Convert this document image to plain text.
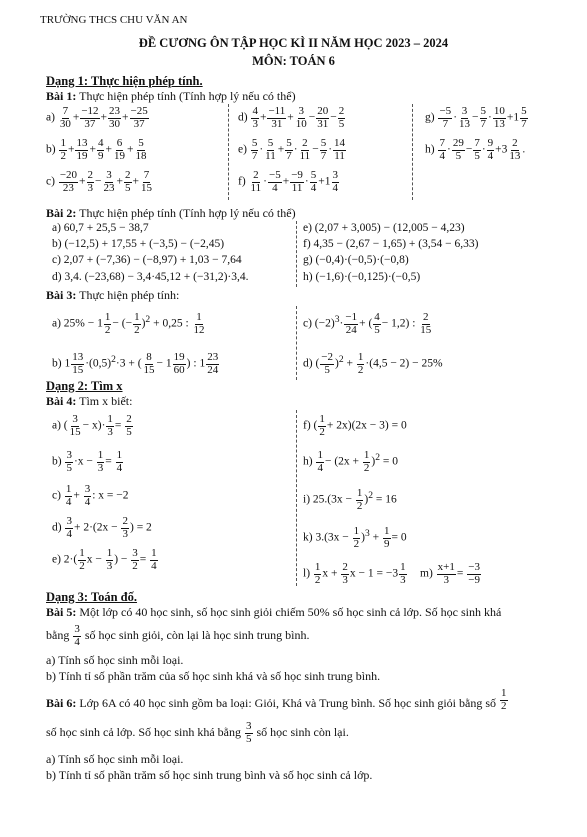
TRƯỜNG THCS CHU VĂN AN
ĐỀ CƯƠNG ÔN TẬP HỌC KÌ II NĂM HỌC 2023 – 2024
MÔN: TOÁN 6
Dạng 1: Thực hiện phép tính.
Bài 1: Thực hiện phép tính (Tính hợp lý nếu có thể)
$a) \frac{7}{30} + \frac{-12}{37} + \frac{23}{30} + \frac{-25}{37}$
$b) \frac{1}{2} + \frac{13}{19} + \frac{4}{9} + \frac{6}{19} + \frac{5}{18}$
$c) \frac{-20}{23} + \frac{2}{3} - \frac{3}{23} + \frac{2}{5} + \frac{7}{15}$
$d) \frac{4}{3} + \frac{-11}{31} + \frac{3}{10} - \frac{20}{31} - \frac{2}{5}$
$e) \frac{5}{7} \cdot \frac{5}{11} + \frac{5}{7} \cdot \frac{2}{11} - \frac{5}{7} \cdot \frac{14}{11}$
$f) \frac{2}{11} \cdot \frac{-5}{4} + \frac{-9}{11} \cdot \frac{5}{4} +1 \frac{3}{4}$
$g) \frac{-5}{7} \cdot \frac{3}{13} - \frac{5}{7} \cdot \frac{10}{13} +1 \frac{5}{7}$
$h) \frac{7}{4} \cdot \frac{29}{5} - \frac{7}{5} \cdot \frac{9}{4} +3 \frac{2}{13}$ .
Bài 2: Thực hiện phép tính (Tính hợp lý nếu có thể)
a) 60,7 + 25,5 − 38,7
b) (−12,5) + 17,55 + (−3,5) − (−2,45)
c) 2,07 + (−7,36) − (−8,97) + 1,03 − 7,64
d) 3,4. (−23,68) − 3,4·45,12 + (−31,2)·3,4.
e) (2,07 + 3,005) − (12,005 − 4,23)
f) 4,35 − (2,67 − 1,65) + (3,54 − 6,33)
g) (−0,4)·(−0,5)·(−0,8)
h) (−1,6)·(−0,125)·(−0,5)
Bài 3: Thực hiện phép tính:
a) $25\% - 1 \frac{1}{2}$ − (− $\frac{1}{2} )^2 + 0,25$ : $\frac{1}{12}$
b) $1 \frac{13}{15} \cdot(0,5)^2\cdot 3$ + ( $\frac{8}{15} - 1 \frac{19}{60}$ ) : $1 \frac{23}{24}$
c) $(-2)^3\cdot \frac{-1}{24}$ + ( $\frac{4}{5} - 1,2$) : $\frac{2}{15}$
d) ( $\frac{-2}{5} )^2 + \frac{1}{2} \cdot(4,5 - 2) - 25\%$
Dạng 2: Tìm x
Bài 4: Tìm x biết:
a) ( $\frac{3}{15} - x)\cdot \frac{1}{3} = \frac{2}{5}$
$b) \frac{3}{5} \cdot x - \frac{1}{3} = \frac{1}{4}$
$c) \frac{1}{4} + \frac{3}{4}$ : x = −2
$d) \frac{3}{4} + 2\cdot(2x - \frac{2}{3}$ ) = 2
e) $2\cdot( \frac{1}{2}$ $x - \frac{1}{3}$ ) − $\frac{3}{2} = \frac{1}{4}$
f) ( $\frac{1}{2} + 2x)(2x - 3) = 0$
$h) \frac{1}{4} - (2x + \frac{1}{2} )^2 = 0$
i) $25.(3x - \frac{1}{2} )^2 = 16$
k) $3.(3x - \frac{1}{2} )^3 + \frac{1}{9} = 0$
$l) \frac{1}{2}$ $x + \frac{2}{3}$ $x - 1 = -3 \frac{1}{3} m) \frac{x+1}{3} = \frac{-3}{-9}$
Dạng 3: Toán đố.
Bài 5: Một lớp có 40 học sinh, số học sinh giỏi chiếm 50% số học sinh cả lớp. Số học sinh khá
bằng $\frac{3}{4}$ số học sinh giỏi, còn lại là học sinh trung bình.
a) Tính số học sinh mỗi loại.
b) Tính tỉ số phần trăm của số học sinh khá và số học sinh trung bình.
Bài 6: Lớp 6A có 40 học sinh gồm ba loại: Giỏi, Khá và Trung bình. Số học sinh giỏi bằng số $\frac{1}{2}$
số học sinh cả lớp. Số học sinh khá bằng $\frac{3}{5}$ số học sinh còn lại.
a) Tính số học sinh mỗi loại.
b) Tính tỉ số phần trăm số học sinh trung bình và số học sinh cả lớp.
